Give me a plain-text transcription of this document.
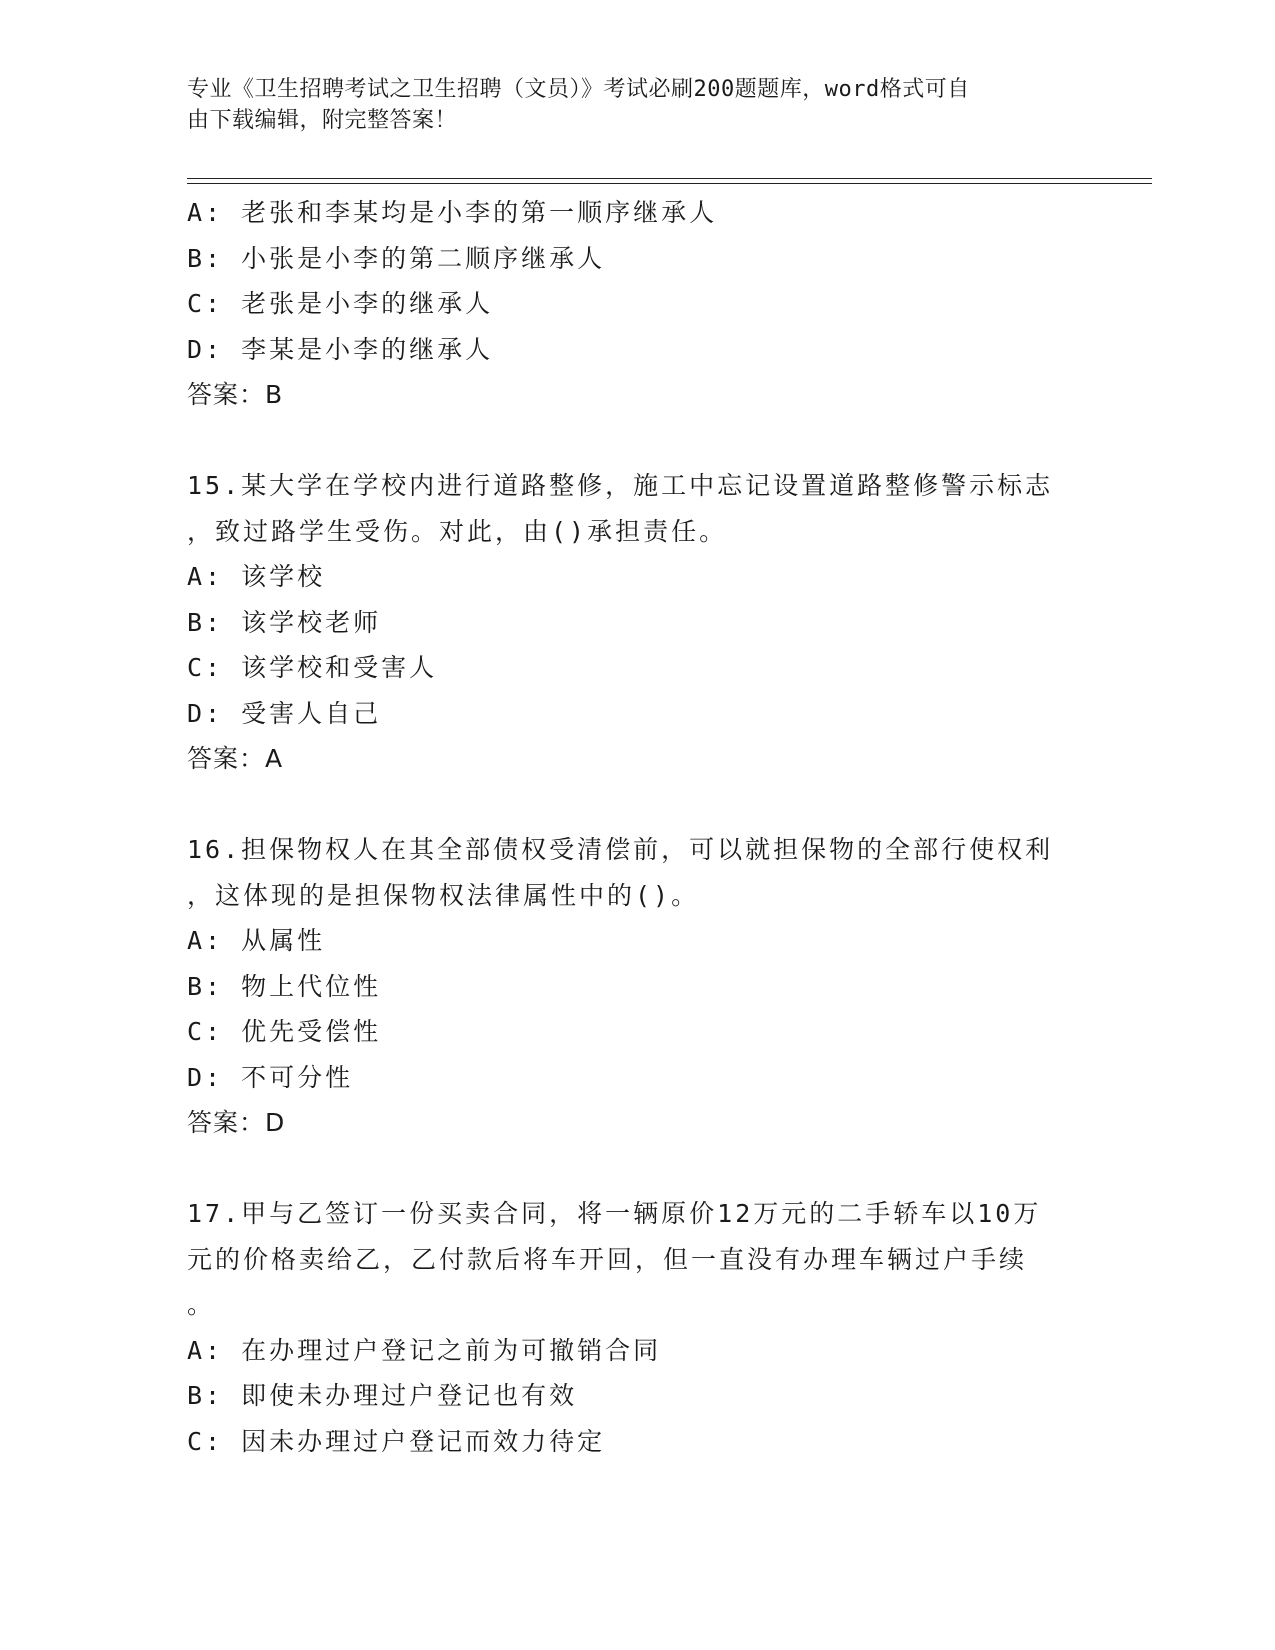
专业《卫生招聘考试之卫生招聘（文员）》考试必刷200题题库，word格式可自
由下载编辑，附完整答案！
A: 老张和李某均是小李的第一顺序继承人
B: 小张是小李的第二顺序继承人
C: 老张是小李的继承人
D: 李某是小李的继承人
答案：B
15.某大学在学校内进行道路整修，施工中忘记设置道路整修警示标志
，致过路学生受伤。对此，由()承担责任。
A: 该学校
B: 该学校老师
C: 该学校和受害人
D: 受害人自己
答案：A
16.担保物权人在其全部债权受清偿前，可以就担保物的全部行使权利
，这体现的是担保物权法律属性中的()。
A: 从属性
B: 物上代位性
C: 优先受偿性
D: 不可分性
答案：D
17.甲与乙签订一份买卖合同，将一辆原价12万元的二手轿车以10万
元的价格卖给乙，乙付款后将车开回，但一直没有办理车辆过户手续
。
A: 在办理过户登记之前为可撤销合同
B: 即使未办理过户登记也有效
C: 因未办理过户登记而效力待定
